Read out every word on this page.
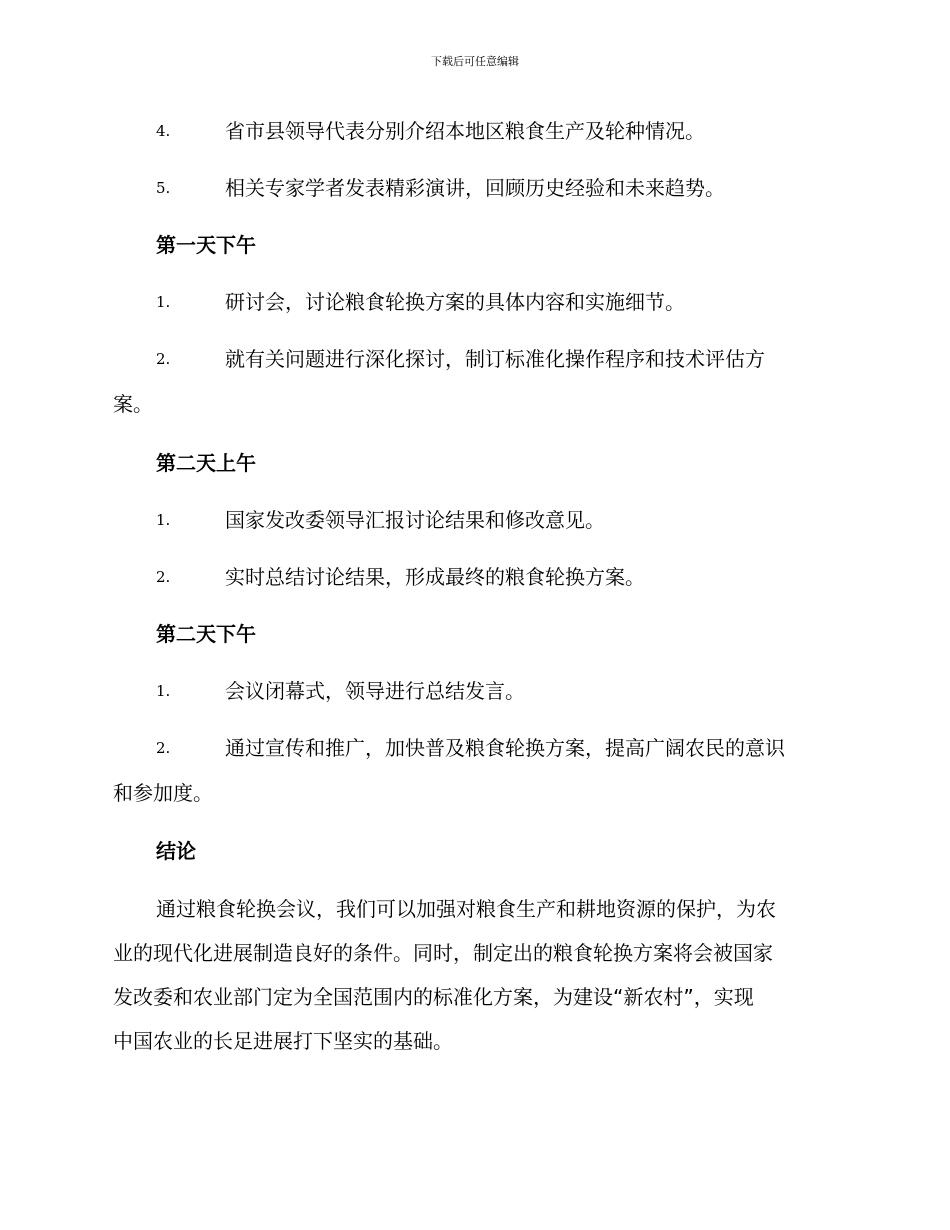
下载后可任意编辑
4.	省市县领导代表分别介绍本地区粮食生产及轮种情况。
5.	相关专家学者发表精彩演讲，回顾历史经验和未来趋势。
第一天下午
1.	研讨会，讨论粮食轮换方案的具体内容和实施细节。
2.	就有关问题进行深化探讨，制订标准化操作程序和技术评估方
案。
第二天上午
1.	国家发改委领导汇报讨论结果和修改意见。
2.	实时总结讨论结果，形成最终的粮食轮换方案。
第二天下午
1.	会议闭幕式，领导进行总结发言。
2.	通过宣传和推广，加快普及粮食轮换方案，提高广阔农民的意识
和参加度。
结论
通过粮食轮换会议，我们可以加强对粮食生产和耕地资源的保护，为农
业的现代化进展制造良好的条件。同时，制定出的粮食轮换方案将会被国家
发改委和农业部门定为全国范围内的标准化方案，为建设“新农村”，实现
中国农业的长足进展打下坚实的基础。
